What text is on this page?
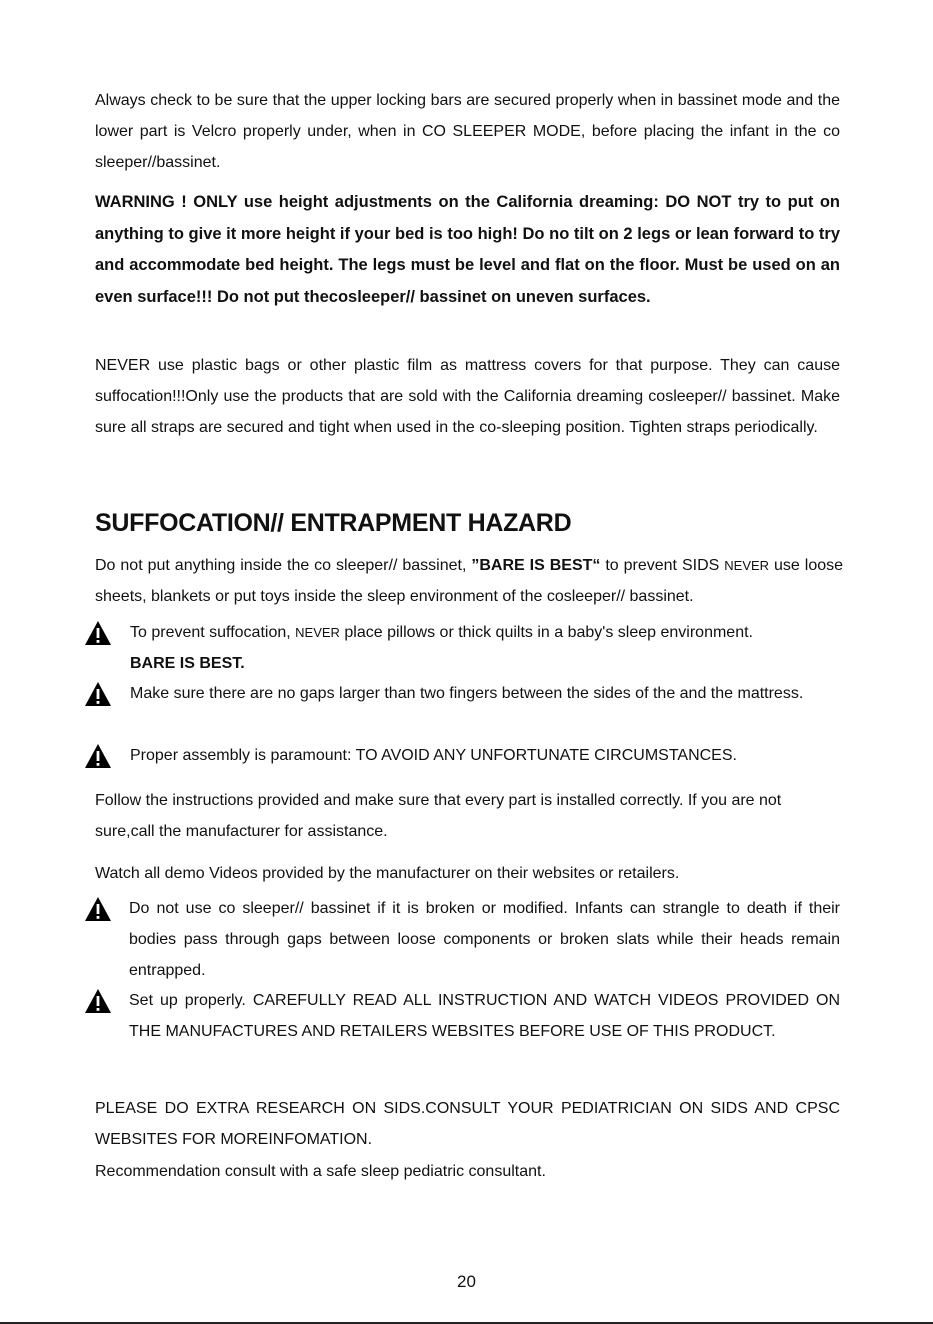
Always check to be sure that the upper locking bars are secured properly when in bassinet mode and the lower part is Velcro properly under, when in CO SLEEPER MODE, before placing the infant in the co sleeper//bassinet.

WARNING ! ONLY use height adjustments on the California dreaming: DO NOT try to put on anything to give it more height if your bed is too high! Do no tilt on 2 legs or lean forward to try and accommodate bed height. The legs must be level and flat on the floor. Must be used on an even surface!!! Do not put thecosleeper// bassinet on uneven surfaces.

NEVER use plastic bags or other plastic film as mattress covers for that purpose. They can cause suffocation!!!Only use the products that are sold with the California dreaming cosleeper// bassinet. Make sure all straps are secured and tight when used in the co-sleeping position. Tighten straps periodically.

SUFFOCATION// ENTRAPMENT HAZARD

Do not put anything inside the co sleeper// bassinet, ”BARE IS BEST“ to prevent SIDS NEVER use loose sheets, blankets or put toys inside the sleep environment of the cosleeper// bassinet.

To prevent suffocation, NEVER place pillows or thick quilts in a baby's sleep environment.
BARE IS BEST.

Make sure there are no gaps larger than two fingers between the sides of the and the mattress.

Proper assembly is paramount: TO AVOID ANY UNFORTUNATE CIRCUMSTANCES.

Follow the instructions provided and make sure that every part is installed correctly. If you are not sure,call the manufacturer for assistance.

Watch all demo Videos provided by the manufacturer on their websites or retailers.

Do not use co sleeper// bassinet if it is broken or modified. Infants can strangle to death if their bodies pass through gaps between loose components or broken slats while their heads remain entrapped.

Set up properly. CAREFULLY READ ALL INSTRUCTION AND WATCH VIDEOS PROVIDED ON THE MANUFACTURES AND RETAILERS WEBSITES BEFORE USE OF THIS PRODUCT.

PLEASE DO EXTRA RESEARCH ON SIDS.CONSULT YOUR PEDIATRICIAN ON SIDS AND CPSC WEBSITES FOR MOREINFOMATION.

Recommendation consult with a safe sleep pediatric consultant.

20
